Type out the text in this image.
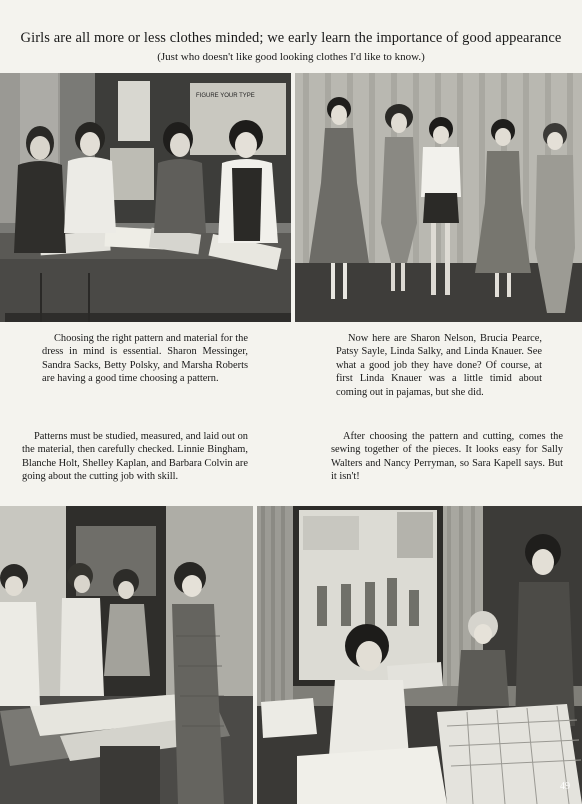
Girls are all more or less clothes minded; we early learn the importance of good appearance
(Just who doesn't like good looking clothes I'd like to know.)
FIGURE YOUR TYPE
Choosing the right pattern and material for the dress in mind is essential. Sharon Messinger, Sandra Sacks, Betty Polsky, and Marsha Roberts are having a good time choosing a pattern.
Now here are Sharon Nelson, Brucia Pearce, Patsy Sayle, Linda Salky, and Linda Knauer. See what a good job they have done? Of course, at first Linda Knauer was a little timid about coming out in pajamas, but she did.
Patterns must be studied, measured, and laid out on the material, then carefully checked. Linnie Bingham, Blanche Holt, Shelley Kaplan, and Barbara Colvin are going about the cutting job with skill.
After choosing the pattern and cutting, comes the sewing together of the pieces. It looks easy for Sally Walters and Nancy Perryman, so Sara Kapell says. But it isn't!
49
